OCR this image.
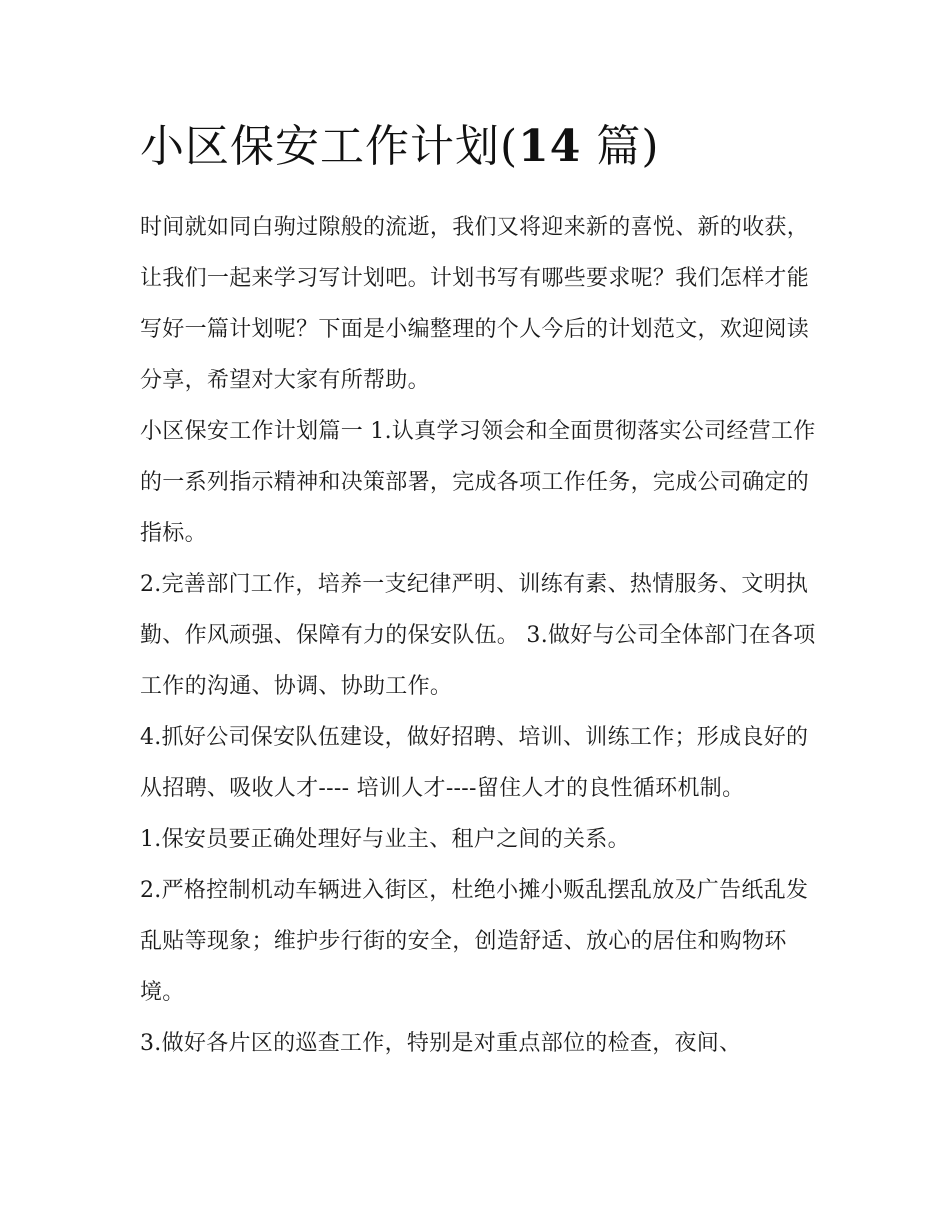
小区保安工作计划(14 篇)

时间就如同白驹过隙般的流逝，我们又将迎来新的喜悦、新的收获，让我们一起来学习写计划吧。计划书写有哪些要求呢？我们怎样才能写好一篇计划呢？下面是小编整理的个人今后的计划范文，欢迎阅读分享，希望对大家有所帮助。

小区保安工作计划篇一 1.认真学习领会和全面贯彻落实公司经营工作的一系列指示精神和决策部署，完成各项工作任务，完成公司确定的指标。

2.完善部门工作，培养一支纪律严明、训练有素、热情服务、文明执勤、作风顽强、保障有力的保安队伍。 3.做好与公司全体部门在各项工作的沟通、协调、协助工作。

4.抓好公司保安队伍建设，做好招聘、培训、训练工作；形成良好的从招聘、吸收人才---- 培训人才----留住人才的良性循环机制。

1.保安员要正确处理好与业主、租户之间的关系。

2.严格控制机动车辆进入街区，杜绝小摊小贩乱摆乱放及广告纸乱发乱贴等现象；维护步行街的安全，创造舒适、放心的居住和购物环境。

3.做好各片区的巡查工作，特别是对重点部位的检查，夜间、
